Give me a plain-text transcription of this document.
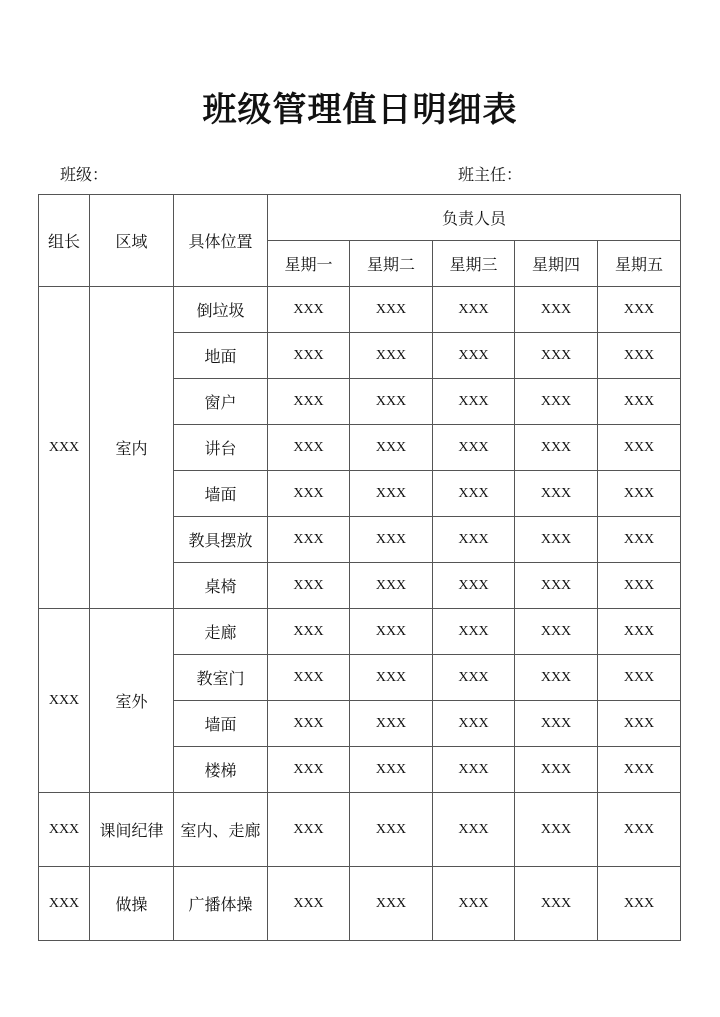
班级管理值日明细表
班级：	班主任：
组长	区域	具体位置	负责人员				
			星期一	星期二	星期三	星期四	星期五
XXX	室内	倒垃圾	XXX	XXX	XXX	XXX	XXX
		地面	XXX	XXX	XXX	XXX	XXX
		窗户	XXX	XXX	XXX	XXX	XXX
		讲台	XXX	XXX	XXX	XXX	XXX
		墙面	XXX	XXX	XXX	XXX	XXX
		教具摆放	XXX	XXX	XXX	XXX	XXX
		桌椅	XXX	XXX	XXX	XXX	XXX
XXX	室外	走廊	XXX	XXX	XXX	XXX	XXX
		教室门	XXX	XXX	XXX	XXX	XXX
		墙面	XXX	XXX	XXX	XXX	XXX
		楼梯	XXX	XXX	XXX	XXX	XXX
XXX	课间纪律	室内、走廊	XXX	XXX	XXX	XXX	XXX
XXX	做操	广播体操	XXX	XXX	XXX	XXX	XXX
